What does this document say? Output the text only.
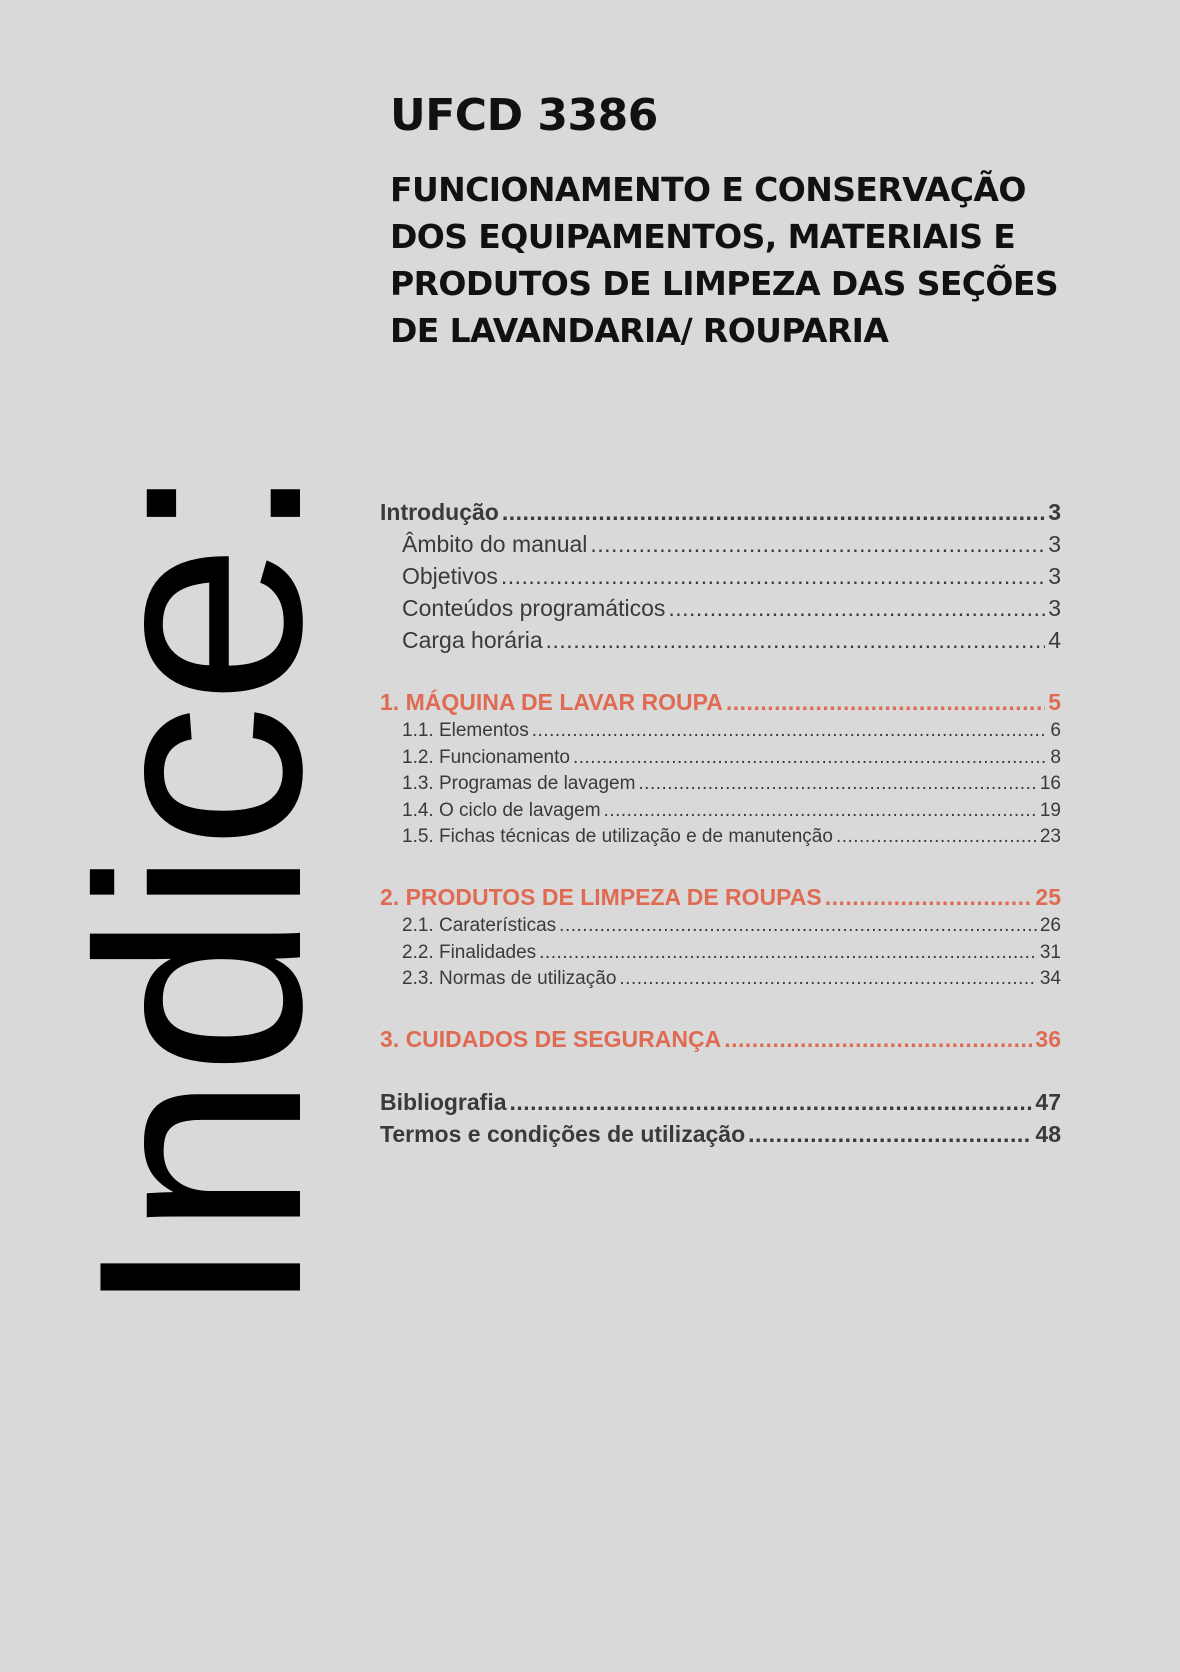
Indice:
UFCD 3386
FUNCIONAMENTO E CONSERVAÇÃO
DOS EQUIPAMENTOS, MATERIAIS E
PRODUTOS DE LIMPEZA DAS SEÇÕES
DE LAVANDARIA/ ROUPARIA
Introdução .....	3
Âmbito do manual .....	3
Objetivos .....	3
Conteúdos programáticos .....	3
Carga horária .....	4
1. MÁQUINA DE LAVAR ROUPA .....	5
1.1. Elementos .....	6
1.2. Funcionamento .....	8
1.3. Programas de lavagem .....	16
1.4. O ciclo de lavagem .....	19
1.5. Fichas técnicas de utilização e de manutenção .....	23
2. PRODUTOS DE LIMPEZA DE ROUPAS .....	25
2.1. Caraterísticas .....	26
2.2. Finalidades .....	31
2.3. Normas de utilização .....	34
3. CUIDADOS DE SEGURANÇA .....	36
Bibliografia .....	47
Termos e condições de utilização .....	48
